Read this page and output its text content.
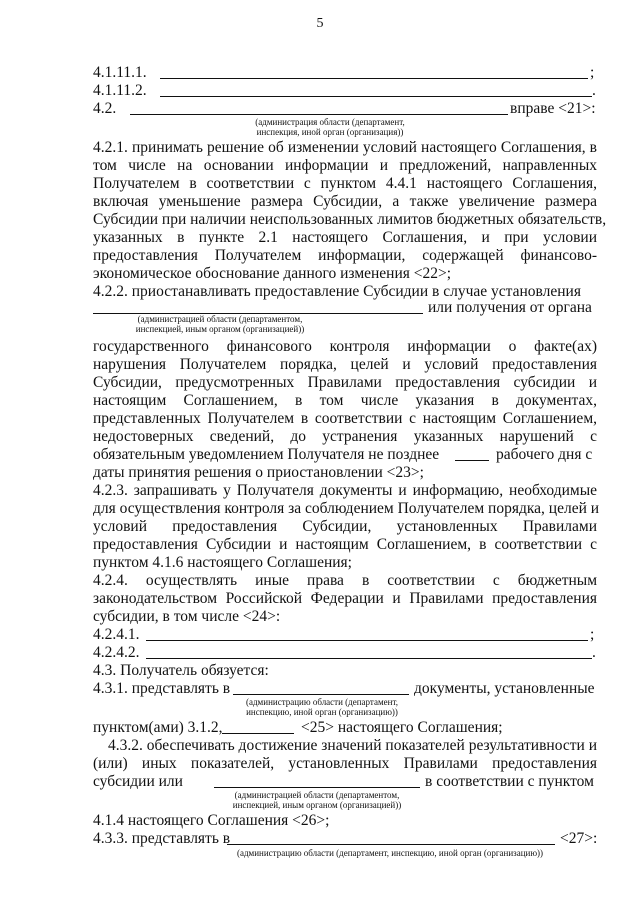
5
4.1.11.1.	;
4.1.11.2.	.
4.2.	вправе <21>:
(администрация области (департамент,
инспекция, иной орган (организация))
4.2.1. принимать решение об изменении условий настоящего Соглашения, в
том числе на основании информации и предложений, направленных
Получателем в соответствии с пунктом 4.4.1 настоящего Соглашения,
включая уменьшение размера Субсидии, а также увеличение размера
Субсидии при наличии неиспользованных лимитов бюджетных обязательств,
указанных в пункте 2.1 настоящего Соглашения, и при условии
предоставления Получателем информации, содержащей финансово-
экономическое обоснование данного изменения <22>;
4.2.2. приостанавливать предоставление Субсидии в случае установления
или получения от органа
(администрацией области (департаментом,
инспекцией, иным органом (организацией))
государственного финансового контроля информации о факте(ах)
нарушения Получателем порядка, целей и условий предоставления
Субсидии, предусмотренных Правилами предоставления субсидии и
настоящим Соглашением, в том числе указания в документах,
представленных Получателем в соответствии с настоящим Соглашением,
недостоверных сведений, до устранения указанных нарушений с
обязательным уведомлением Получателя не позднее	рабочего дня с
даты принятия решения о приостановлении <23>;
4.2.3. запрашивать у Получателя документы и информацию, необходимые
для осуществления контроля за соблюдением Получателем порядка, целей и
условий предоставления Субсидии, установленных Правилами
предоставления Субсидии и настоящим Соглашением, в соответствии с
пунктом 4.1.6 настоящего Соглашения;
4.2.4. осуществлять иные права в соответствии с бюджетным
законодательством Российской Федерации и Правилами предоставления
субсидии, в том числе <24>:
4.2.4.1.	;
4.2.4.2.	.
4.3. Получатель обязуется:
4.3.1. представлять в	документы, установленные
(администрацию области (департамент,
инспекцию, иной орган (организацию))
пунктом(ами) 3.1.2,	<25> настоящего Соглашения;
4.3.2. обеспечивать достижение значений показателей результативности и
(или) иных показателей, установленных Правилами предоставления
субсидии или	в соответствии с пунктом
(администрацией области (департаментом,
инспекцией, иным органом (организацией))
4.1.4 настоящего Соглашения <26>;
4.3.3. представлять в	<27>:
(администрацию области (департамент, инспекцию, иной орган (организацию))
